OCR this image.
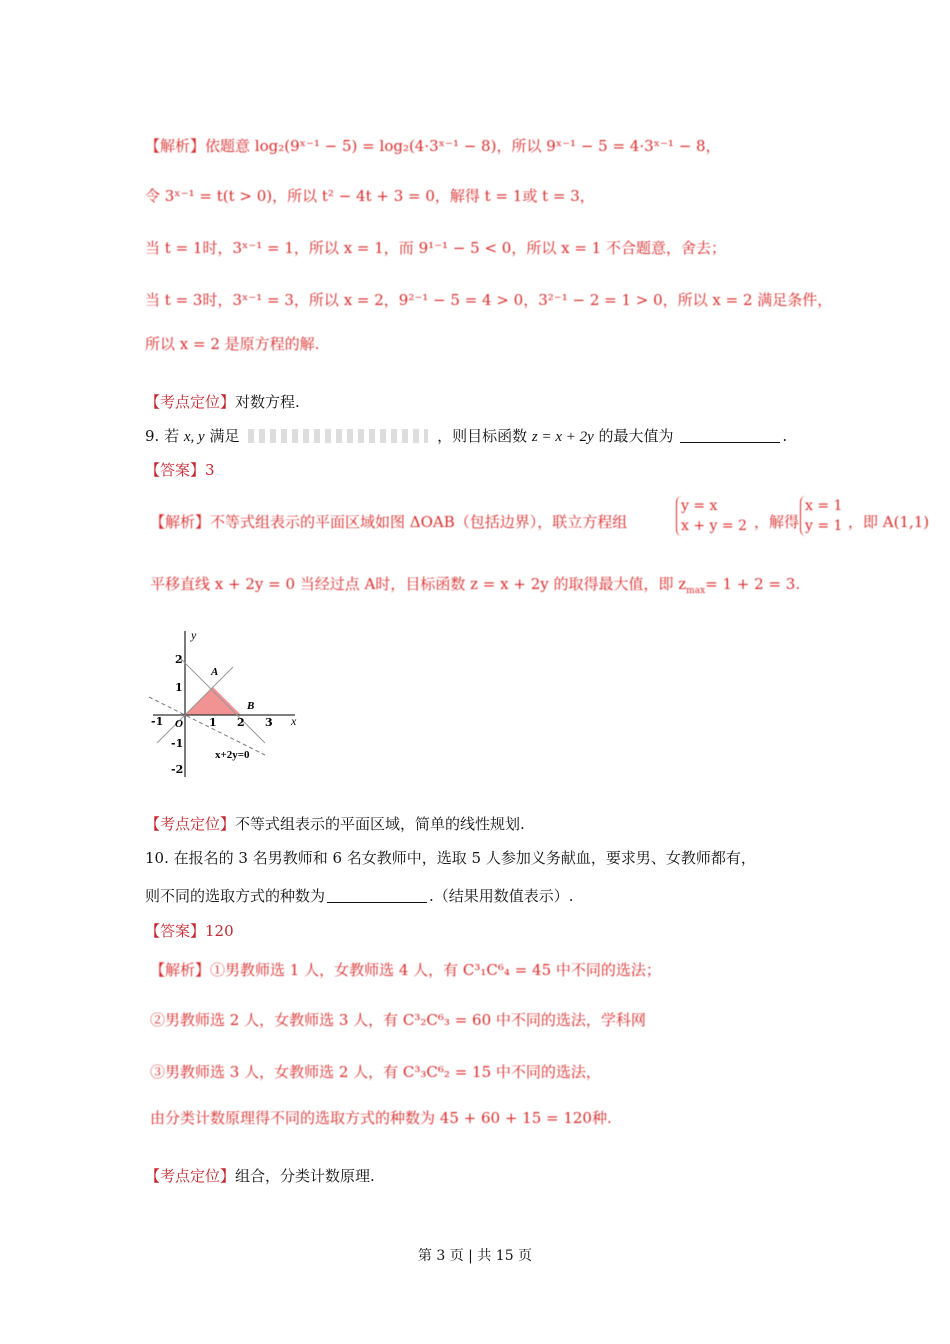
【解析】依题意 log₂(9ˣ⁻¹ − 5) = log₂(4·3ˣ⁻¹ − 8)，所以 9ˣ⁻¹ − 5 = 4·3ˣ⁻¹ − 8，
令 3ˣ⁻¹ = t(t > 0)，所以 t² − 4t + 3 = 0，解得 t = 1或 t = 3，
当 t = 1时，3ˣ⁻¹ = 1，所以 x = 1，而 9¹⁻¹ − 5 < 0，所以 x = 1 不合题意，舍去；
当 t = 3时，3ˣ⁻¹ = 3，所以 x = 2，9²⁻¹ − 5 = 4 > 0，3²⁻¹ − 2 = 1 > 0，所以 x = 2 满足条件，
所以 x = 2 是原方程的解.
【考点定位】对数方程.
9. 若 x, y 满足	，则目标函数 z = x + 2y 的最大值为	.
【答案】3
【解析】不等式组表示的平面区域如图 ΔOAB（包括边界），联立方程组
y = x
x + y = 2 ，解得
x = 1
y = 1 ，即 A(1,1)
平移直线 x + 2y = 0 当经过点 A时，目标函数 z = x + 2y 的取得最大值，即 $z_{max}= 1 + 2 = 3$.
y
x
O
A
B
-1	1 2 3
2
1
-1
-2
x+2y=0
【考点定位】不等式组表示的平面区域，简单的线性规划.
10. 在报名的 3 名男教师和 6 名女教师中，选取 5 人参加义务献血，要求男、女教师都有，
则不同的选取方式的种数为	.（结果用数值表示）.
【答案】120
【解析】①男教师选 1 人，女教师选 4 人，有 C³₁C⁶₄ = 45 中不同的选法；
②男教师选 2 人，女教师选 3 人，有 C³₂C⁶₃ = 60 中不同的选法，学科网
③男教师选 3 人，女教师选 2 人，有 C³₃C⁶₂ = 15 中不同的选法，
由分类计数原理得不同的选取方式的种数为 45 + 60 + 15 = 120种.
【考点定位】组合，分类计数原理.
第 3 页 | 共 15 页
